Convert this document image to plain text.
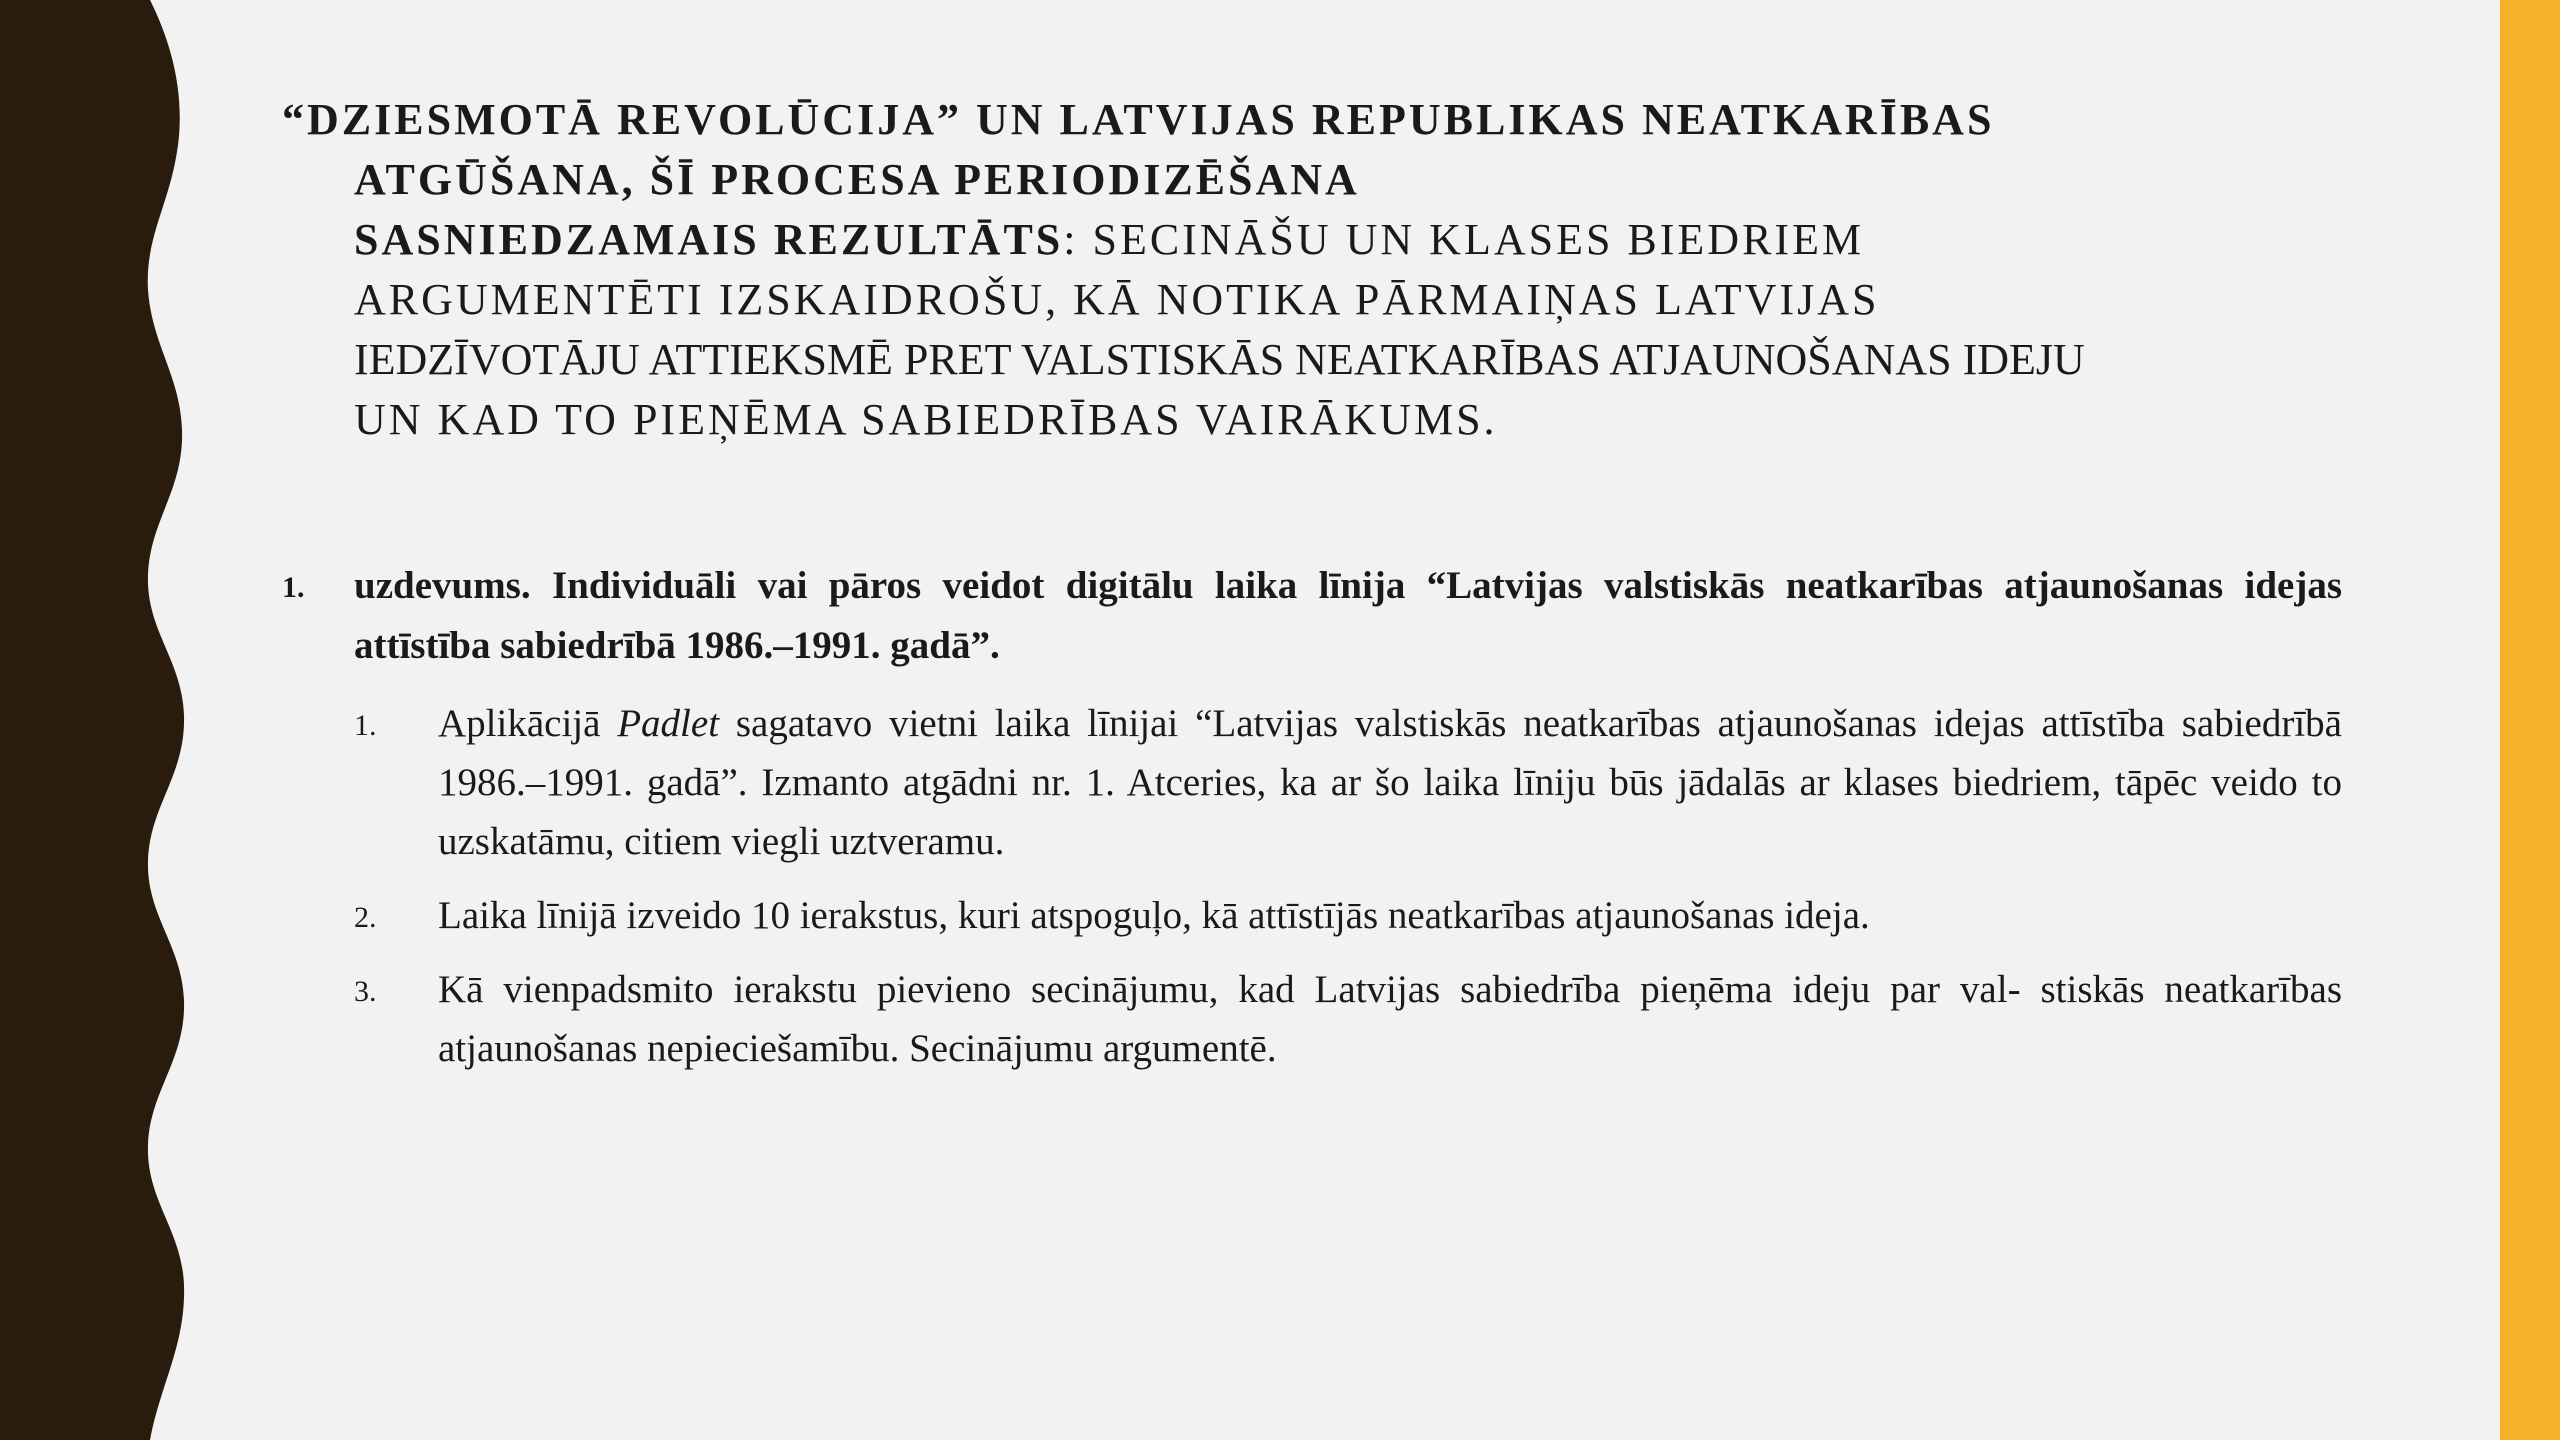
“DZIESMOTĀ REVOLŪCIJA” UN LATVIJAS REPUBLIKAS NEATKARĪBAS
ATGŪŠANA, ŠĪ PROCESA PERIODIZĒŠANA
SASNIEDZAMAIS REZULTĀTS: SECINĀŠU UN KLASES BIEDRIEM
ARGUMENTĒTI IZSKAIDROŠU, KĀ NOTIKA PĀRMAIŅAS LATVIJAS
IEDZĪVOTĀJU ATTIEKSMĒ PRET VALSTISKĀS NEATKARĪBAS ATJAUNOŠANAS IDEJU
UN KAD TO PIEŅĒMA SABIEDRĪBAS VAIRĀKUMS.
1. uzdevums. Individuāli vai pāros veidot digitālu laika līnija “Latvijas valstiskās neatkarības atjaunošanas idejas attīstība sabiedrībā 1986.–1991. gadā”.
1. Aplikācijā Padlet sagatavo vietni laika līnijai “Latvijas valstiskās neatkarības atjaunošanas idejas attīstība sabiedrībā 1986.–1991. gadā”. Izmanto atgādni nr. 1. Atceries, ka ar šo laika līniju būs jādalās ar klases biedriem, tāpēc veido to uzskatāmu, citiem viegli uztveramu.
2. Laika līnijā izveido 10 ierakstus, kuri atspoguļo, kā attīstījās neatkarības atjaunošanas ideja.
3. Kā vienpadsmito ierakstu pievieno secinājumu, kad Latvijas sabiedrība pieņēma ideju par val- stiskās neatkarības atjaunošanas nepieciešamību. Secinājumu argumentē.
